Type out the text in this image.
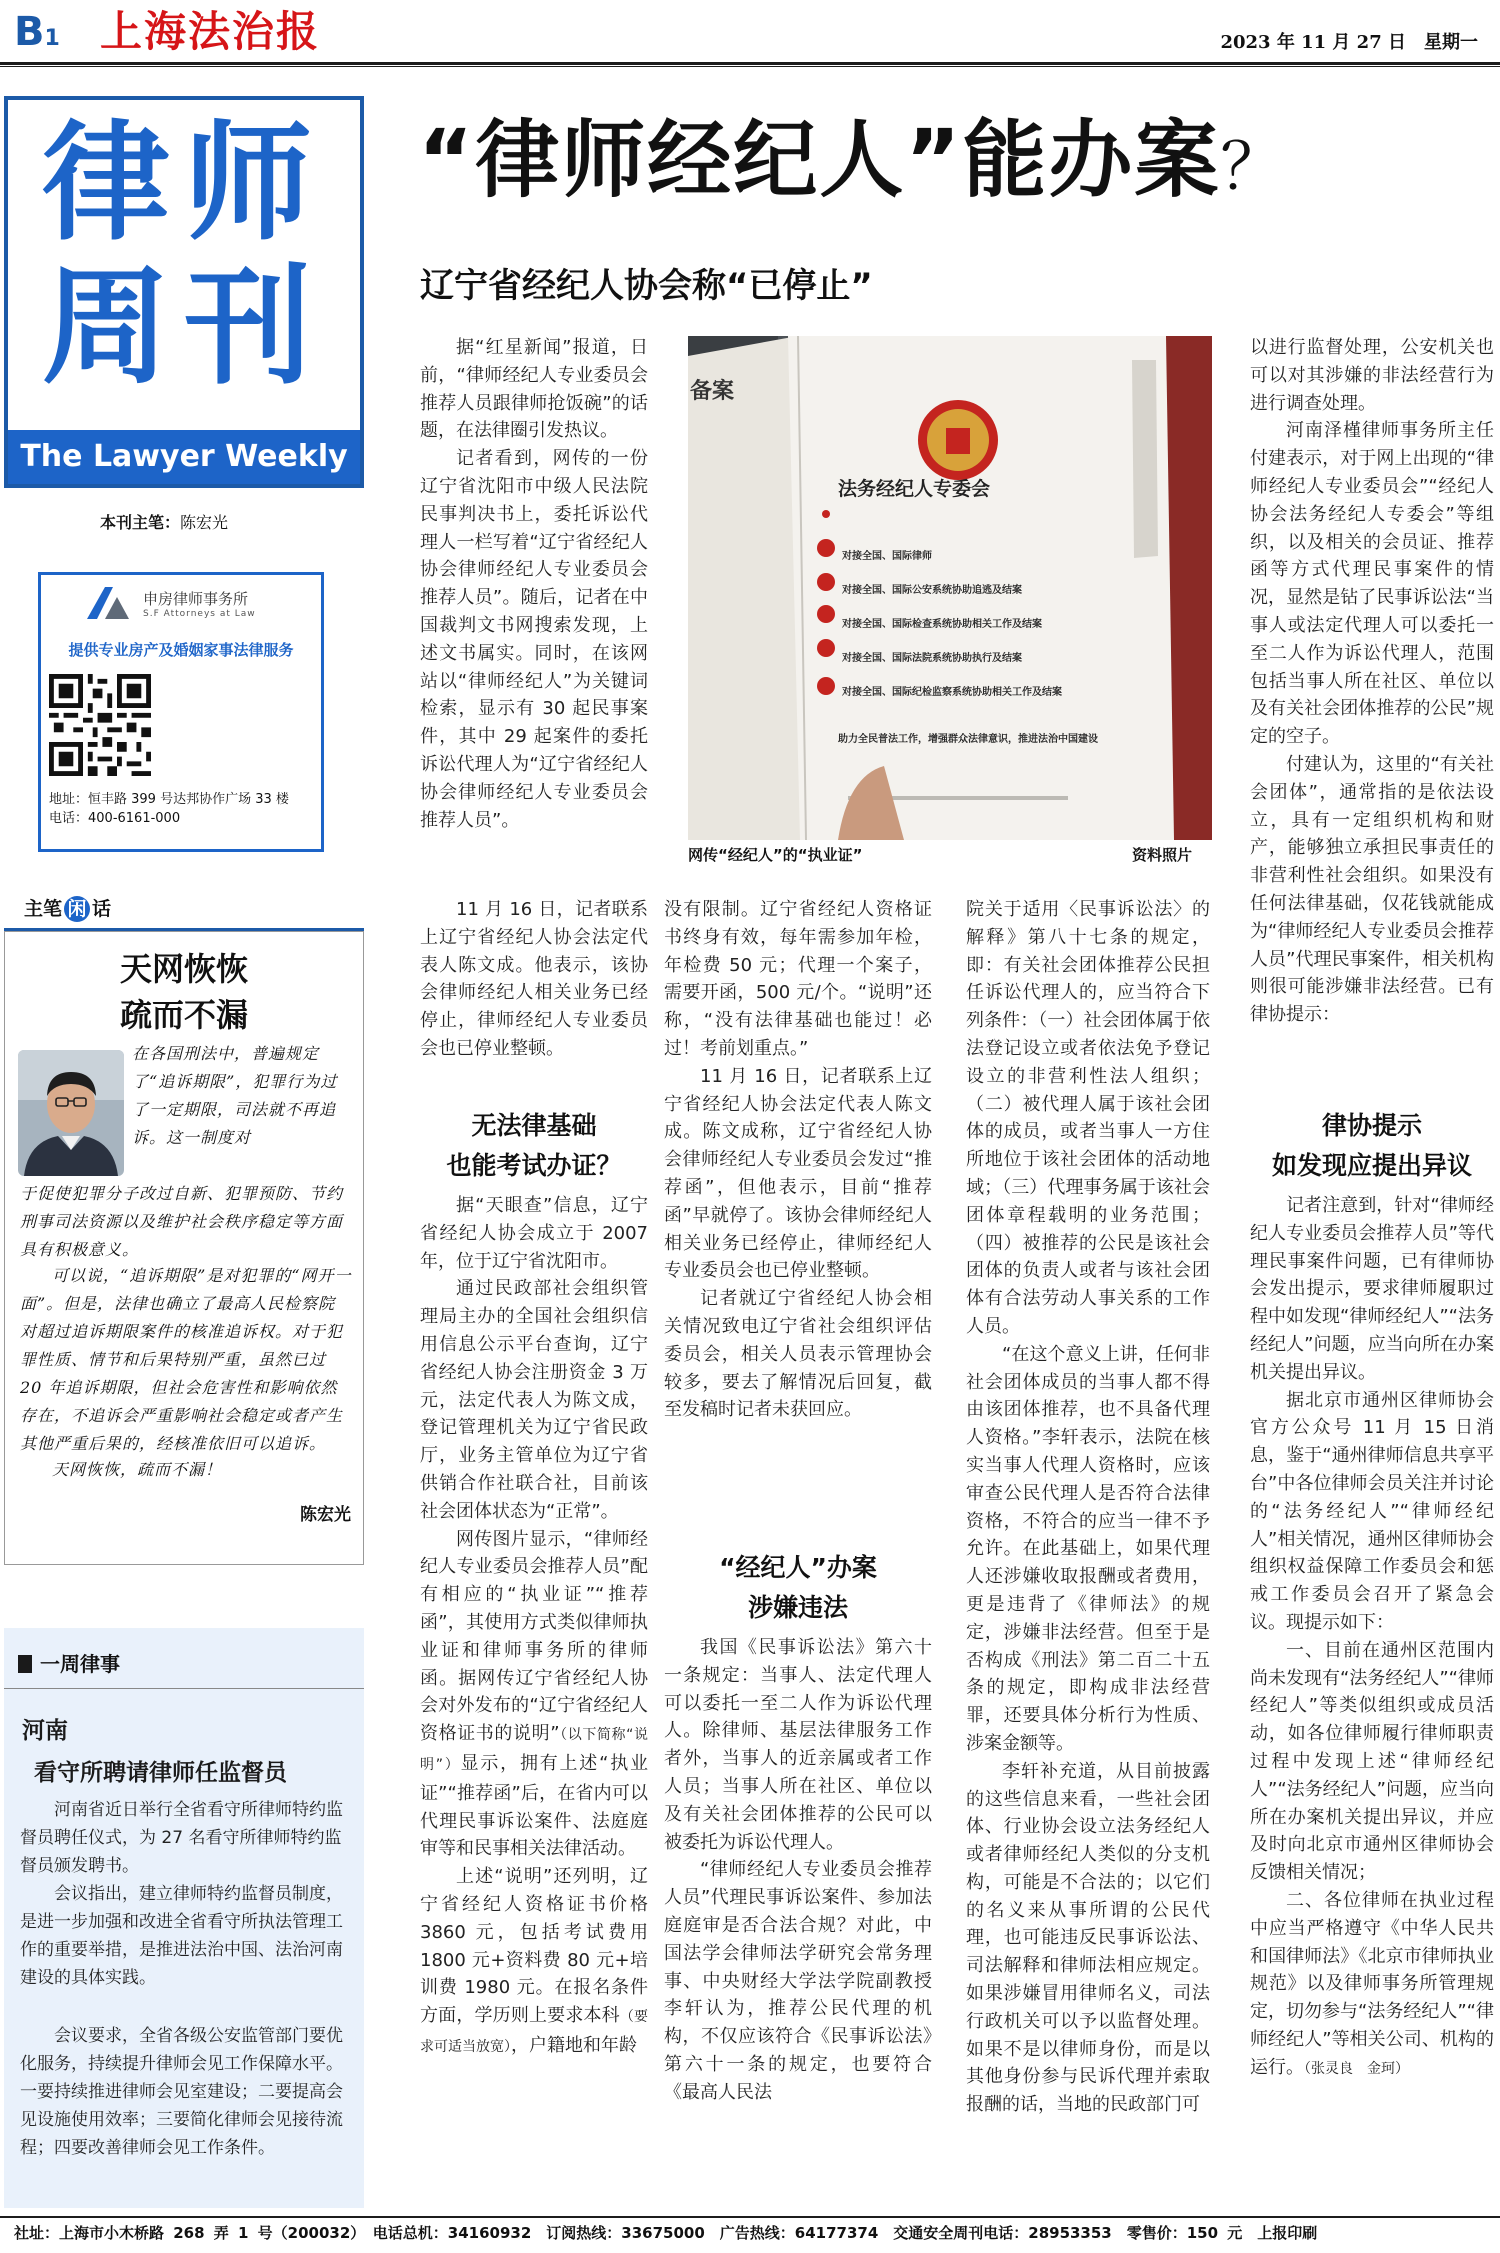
B1 上海法治报	2023 年 11 月 27 日　星期一
律师
周刊
The Lawyer Weekly
本刊主笔：陈宏光
申房律师事务所
S.F Attorneys at Law
提供专业房产及婚姻家事法律服务
地址：恒丰路 399 号达邦协作广场 33 楼
电话：400-6161-000
主笔 闲 话
天网恢恢
疏而不漏
在各国刑法中，普遍规定了“追诉期限”，犯罪行为过了一定期限，司法就不再追诉。这一制度对
于促使犯罪分子改过自新、犯罪预防、节约刑事司法资源以及维护社会秩序稳定等方面具有积极意义。
可以说，“追诉期限”是对犯罪的“网开一面”。但是，法律也确立了最高人民检察院对超过追诉期限案件的核准追诉权。对于犯罪性质、情节和后果特别严重，虽然已过 20 年追诉期限，但社会危害性和影响依然存在，不追诉会严重影响社会稳定或者产生其他严重后果的，经核准依旧可以追诉。
天网恢恢，疏而不漏！
陈宏光
一周律事
河南
看守所聘请律师任监督员
河南省近日举行全省看守所律师特约监督员聘任仪式，为 27 名看守所律师特约监督员颁发聘书。
会议指出，建立律师特约监督员制度，是进一步加强和改进全省看守所执法管理工作的重要举措，是推进法治中国、法治河南建设的具体实践。
会议要求，全省各级公安监管部门要优化服务，持续提升律师会见工作保障水平。一要持续推进律师会见室建设；二要提高会见设施使用效率；三要简化律师会见接待流程；四要改善律师会见工作条件。
“律师经纪人”能办案？
辽宁省经纪人协会称“已停止”
备案
法务经纪人专委会
对接全国、国际律师
对接全国、国际公安系统协助追逃及结案
对接全国、国际检查系统协助相关工作及结案
对接全国、国际法院系统协助执行及结案
对接全国、国际纪检监察系统协助相关工作及结案
助力全民普法工作，增强群众法律意识，推进法治中国建设
网传“经纪人”的“执业证”	资料照片

据“红星新闻”报道，日前，“律师经纪人专业委员会推荐人员跟律师抢饭碗”的话题，在法律圈引发热议。

记者看到，网传的一份辽宁省沈阳市中级人民法院民事判决书上，委托诉讼代理人一栏写着“辽宁省经纪人协会律师经纪人专业委员会推荐人员”。随后，记者在中国裁判文书网搜索发现，上述文书属实。同时，在该网站以“律师经纪人”为关键词检索，显示有 30 起民事案件，其中 29 起案件的委托诉讼代理人为“辽宁省经纪人协会律师经纪人专业委员会推荐人员”。

11 月 16 日，记者联系上辽宁省经纪人协会法定代表人陈文成。他表示，该协会律师经纪人相关业务已经停止，律师经纪人专业委员会也已停业整顿。

无法律基础
也能考试办证？

据“天眼查”信息，辽宁省经纪人协会成立于 2007 年，位于辽宁省沈阳市。

通过民政部社会组织管理局主办的全国社会组织信用信息公示平台查询，辽宁省经纪人协会注册资金 3 万元，法定代表人为陈文成，登记管理机关为辽宁省民政厅，业务主管单位为辽宁省供销合作社联合社，目前该社会团体状态为“正常”。

网传图片显示，“律师经纪人专业委员会推荐人员”配有相应的“执业证”“推荐函”，其使用方式类似律师执业证和律师事务所的律师函。据网传辽宁省经纪人协会对外发布的“辽宁省经纪人资格证书的说明”（以下简称“说明”）显示，拥有上述“执业证”“推荐函”后，在省内可以代理民事诉讼案件、法庭庭审等和民事相关法律活动。

上述“说明”还列明，辽宁省经纪人资格证书价格 3860 元，包括考试费用 1800 元+资料费 80 元+培训费 1980 元。在报名条件方面，学历则上要求本科（要求可适当放宽），户籍地和年龄

没有限制。辽宁省经纪人资格证书终身有效，每年需参加年检，年检费 50 元；代理一个案子，需要开函，500 元/个。“说明”还称，“没有法律基础也能过！必过！考前划重点。”

11 月 16 日，记者联系上辽宁省经纪人协会法定代表人陈文成。陈文成称，辽宁省经纪人协会律师经纪人专业委员会发过“推荐函”，但他表示，目前“推荐函”早就停了。该协会律师经纪人相关业务已经停止，律师经纪人专业委员会也已停业整顿。

记者就辽宁省经纪人协会相关情况致电辽宁省社会组织评估委员会，相关人员表示管理协会较多，要去了解情况后回复，截至发稿时记者未获回应。

“经纪人”办案
涉嫌违法

我国《民事诉讼法》第六十一条规定：当事人、法定代理人可以委托一至二人作为诉讼代理人。除律师、基层法律服务工作者外，当事人的近亲属或者工作人员；当事人所在社区、单位以及有关社会团体推荐的公民可以被委托为诉讼代理人。

“律师经纪人专业委员会推荐人员”代理民事诉讼案件、参加法庭庭审是否合法合规？对此，中国法学会律师法学研究会常务理事、中央财经大学法学院副教授李轩认为，推荐公民代理的机构，不仅应该符合《民事诉讼法》第六十一条的规定，也要符合《最高人民法

院关于适用〈民事诉讼法〉的解释》第八十七条的规定，即：有关社会团体推荐公民担任诉讼代理人的，应当符合下列条件：（一）社会团体属于依法登记设立或者依法免予登记设立的非营利性法人组织；（二）被代理人属于该社会团体的成员，或者当事人一方住所地位于该社会团体的活动地域；（三）代理事务属于该社会团体章程载明的业务范围；（四）被推荐的公民是该社会团体的负责人或者与该社会团体有合法劳动人事关系的工作人员。

“在这个意义上讲，任何非社会团体成员的当事人都不得由该团体推荐，也不具备代理人资格。”李轩表示，法院在核实当事人代理人资格时，应该审查公民代理人是否符合法律资格，不符合的应当一律不予允许。在此基础上，如果代理人还涉嫌收取报酬或者费用，更是违背了《律师法》的规定，涉嫌非法经营。但至于是否构成《刑法》第二百二十五条的规定，即构成非法经营罪，还要具体分析行为性质、涉案金额等。

李轩补充道，从目前披露的这些信息来看，一些社会团体、行业协会设立法务经纪人或者律师经纪人类似的分支机构，可能是不合法的；以它们的名义来从事所谓的公民代理，也可能违反民事诉讼法、司法解释和律师法相应规定。如果涉嫌冒用律师名义，司法行政机关可以予以监督处理。如果不是以律师身份，而是以其他身份参与民诉代理并索取报酬的话，当地的民政部门可

以进行监督处理，公安机关也可以对其涉嫌的非法经营行为进行调查处理。

河南泽槿律师事务所主任付建表示，对于网上出现的“律师经纪人专业委员会”“经纪人协会法务经纪人专委会”等组织，以及相关的会员证、推荐函等方式代理民事案件的情况，显然是钻了民事诉讼法“当事人或法定代理人可以委托一至二人作为诉讼代理人，范围包括当事人所在社区、单位以及有关社会团体推荐的公民”规定的空子。

付建认为，这里的“有关社会团体”，通常指的是依法设立，具有一定组织机构和财产，能够独立承担民事责任的非营利性社会组织。如果没有任何法律基础，仅花钱就能成为“律师经纪人专业委员会推荐人员”代理民事案件，相关机构则很可能涉嫌非法经营。已有律协提示：

律协提示
如发现应提出异议

记者注意到，针对“律师经纪人专业委员会推荐人员”等代理民事案件问题，已有律师协会发出提示，要求律师履职过程中如发现“律师经纪人”“法务经纪人”问题，应当向所在办案机关提出异议。

据北京市通州区律师协会官方公众号 11 月 15 日消息，鉴于“通州律师信息共享平台”中各位律师会员关注并讨论的“法务经纪人”“律师经纪人”相关情况，通州区律师协会组织权益保障工作委员会和惩戒工作委员会召开了紧急会议。现提示如下：

一、目前在通州区范围内尚未发现有“法务经纪人”“律师经纪人”等类似组织或成员活动，如各位律师履行律师职责过程中发现上述“律师经纪人”“法务经纪人”问题，应当向所在办案机关提出异议，并应及时向北京市通州区律师协会反馈相关情况；

二、各位律师在执业过程中应当严格遵守《中华人民共和国律师法》《北京市律师执业规范》以及律师事务所管理规定，切勿参与“法务经纪人”“律师经纪人”等相关公司、机构的运行。（张灵良　金珂）

社址：上海市小木桥路 268 弄 1 号（200032）　电话总机：34160932　订阅热线：33675000　广告热线：64177374　交通安全周刊电话：28953353　零售价：150 元　上报印刷
